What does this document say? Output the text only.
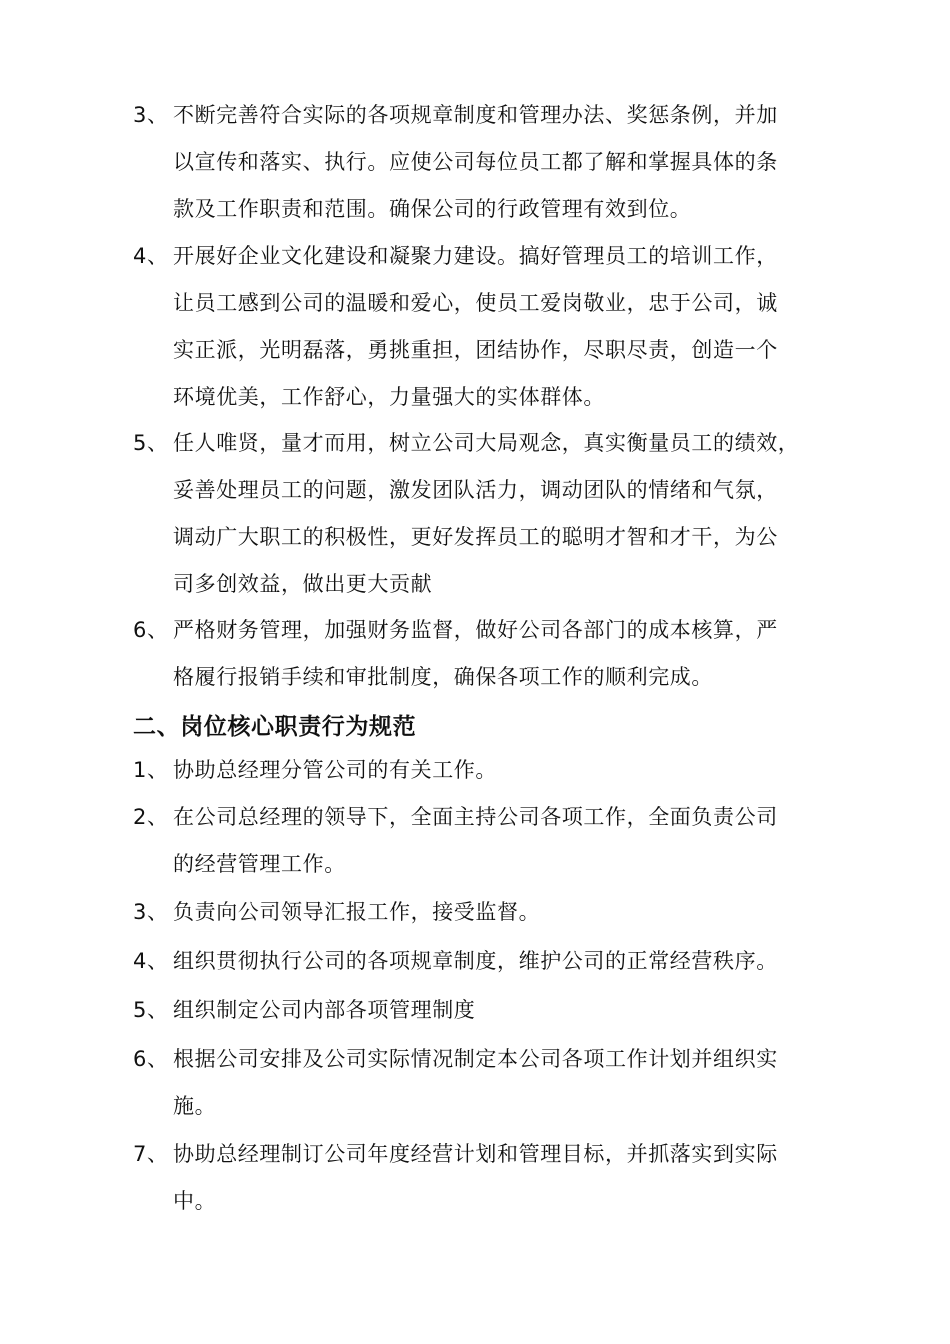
3、 不断完善符合实际的各项规章制度和管理办法、奖惩条例，并加
以宣传和落实、执行。应使公司每位员工都了解和掌握具体的条
款及工作职责和范围。确保公司的行政管理有效到位。
4、 开展好企业文化建设和凝聚力建设。搞好管理员工的培训工作，
让员工感到公司的温暖和爱心，使员工爱岗敬业，忠于公司，诚
实正派，光明磊落，勇挑重担，团结协作，尽职尽责，创造一个
环境优美，工作舒心，力量强大的实体群体。
5、 任人唯贤，量才而用，树立公司大局观念，真实衡量员工的绩效，
妥善处理员工的问题，激发团队活力，调动团队的情绪和气氛，
调动广大职工的积极性，更好发挥员工的聪明才智和才干，为公
司多创效益，做出更大贡献
6、 严格财务管理，加强财务监督，做好公司各部门的成本核算，严
格履行报销手续和审批制度，确保各项工作的顺利完成。
二、岗位核心职责行为规范
1、 协助总经理分管公司的有关工作。
2、 在公司总经理的领导下，全面主持公司各项工作，全面负责公司
的经营管理工作。
3、 负责向公司领导汇报工作，接受监督。
4、 组织贯彻执行公司的各项规章制度，维护公司的正常经营秩序。
5、 组织制定公司内部各项管理制度
6、 根据公司安排及公司实际情况制定本公司各项工作计划并组织实
施。
7、 协助总经理制订公司年度经营计划和管理目标，并抓落实到实际
中。
